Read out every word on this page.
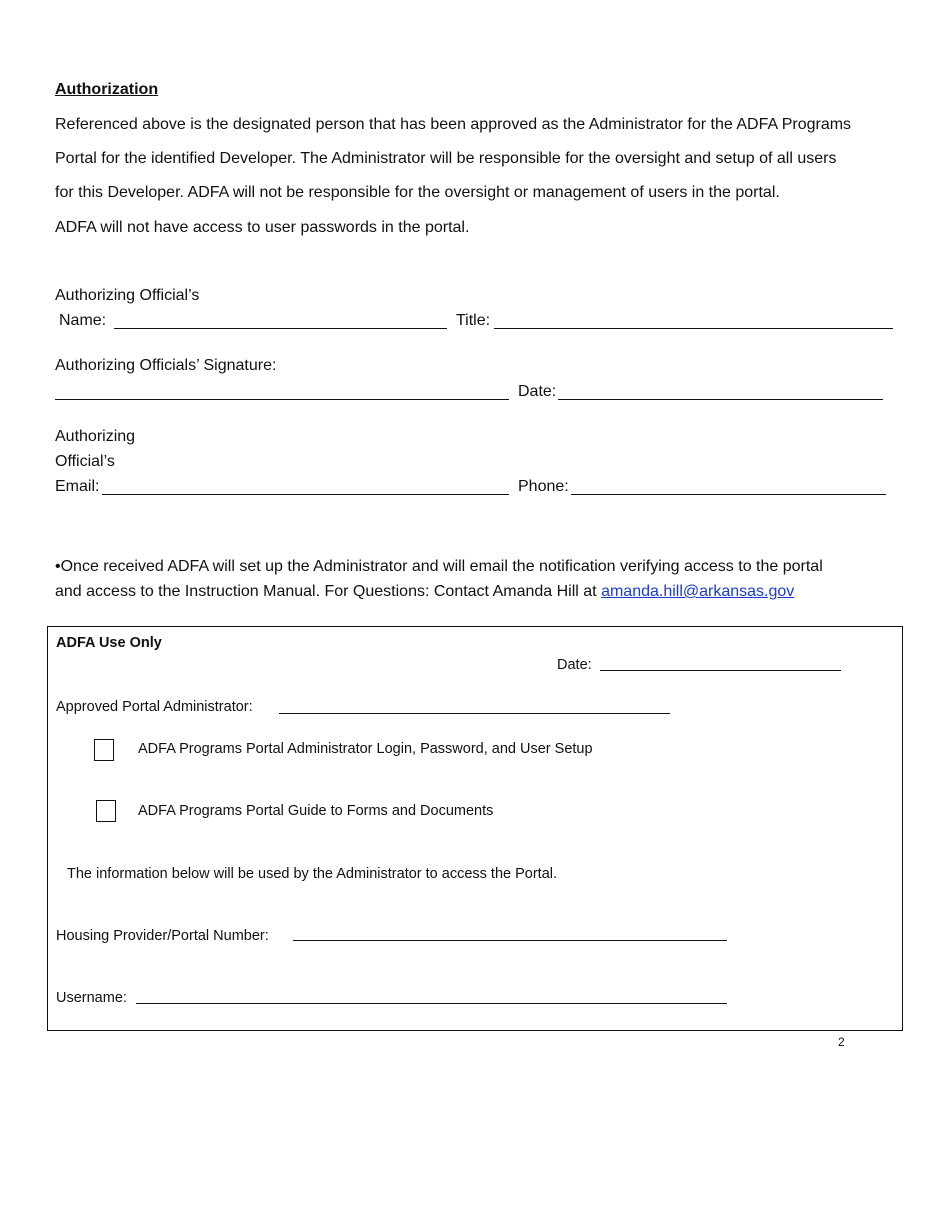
Authorization
Referenced above is the designated person that has been approved as the Administrator for the ADFA Programs
Portal for the identified Developer. The Administrator will be responsible for the oversight and setup of all users
for this Developer. ADFA will not be responsible for the oversight or management of users in the portal.
ADFA will not have access to user passwords in the portal.
Authorizing Official’s
Name:	Title:
Authorizing Officials’ Signature:
Date:
Authorizing
Official’s
Email:	Phone:
•Once received ADFA will set up the Administrator and will email the notification verifying access to the portal
and access to the Instruction Manual. For Questions: Contact Amanda Hill at amanda.hill@arkansas.gov
ADFA Use Only
Date:
Approved Portal Administrator:
ADFA Programs Portal Administrator Login, Password, and User Setup
ADFA Programs Portal Guide to Forms and Documents
The information below will be used by the Administrator to access the Portal.
Housing Provider/Portal Number:
Username:
2
